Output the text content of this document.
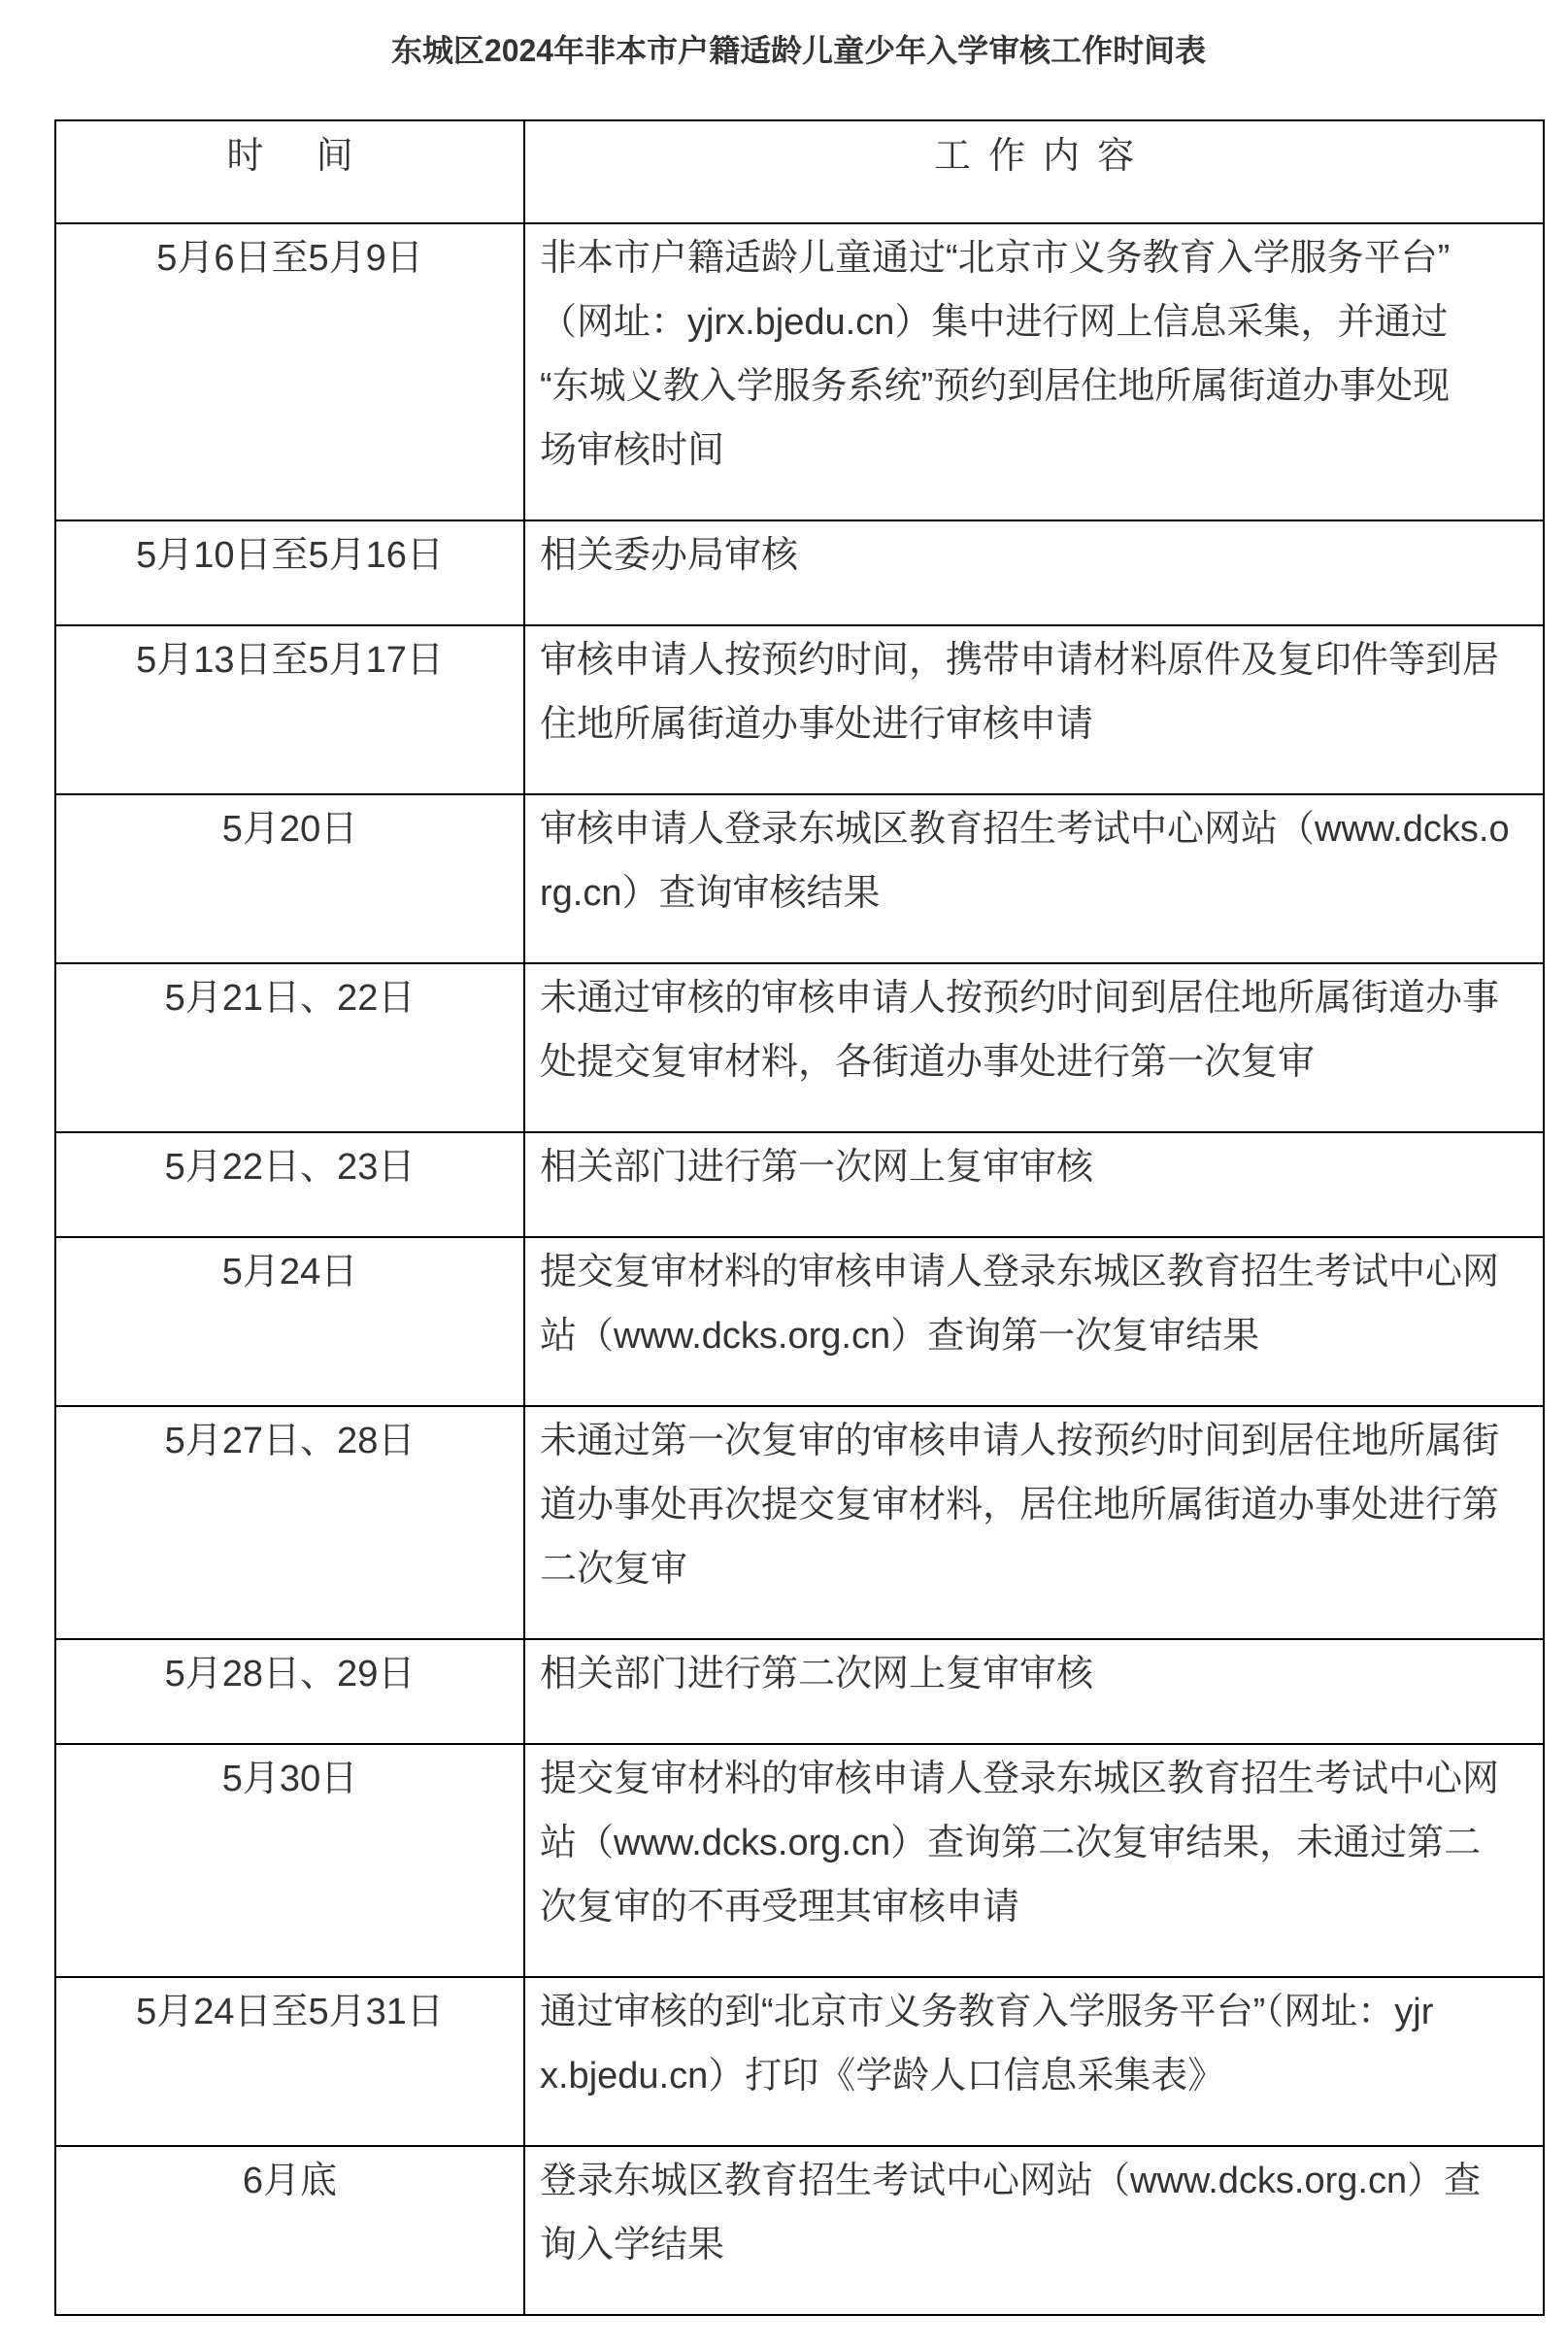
东城区2024年非本市户籍适龄儿童少年入学审核工作时间表
时   间	工 作 内 容
5月6日至5月9日	非本市户籍适龄儿童通过“北京市义务教育入学服务平台”
（网址：yjrx.bjedu.cn）集中进行网上信息采集，并通过
“东城义教入学服务系统”预约到居住地所属街道办事处现
场审核时间

5月10日至5月16日	相关委办局审核

5月13日至5月17日	审核申请人按预约时间，携带申请材料原件及复印件等到居
住地所属街道办事处进行审核申请

5月20日	审核申请人登录东城区教育招生考试中心网站（www.dcks.o
rg.cn）查询审核结果

5月21日、22日	未通过审核的审核申请人按预约时间到居住地所属街道办事
处提交复审材料，各街道办事处进行第一次复审

5月22日、23日	相关部门进行第一次网上复审审核

5月24日	提交复审材料的审核申请人登录东城区教育招生考试中心网
站（www.dcks.org.cn）查询第一次复审结果

5月27日、28日	未通过第一次复审的审核申请人按预约时间到居住地所属街
道办事处再次提交复审材料，居住地所属街道办事处进行第
二次复审

5月28日、29日	相关部门进行第二次网上复审审核

5月30日	提交复审材料的审核申请人登录东城区教育招生考试中心网
站（www.dcks.org.cn）查询第二次复审结果，未通过第二
次复审的不再受理其审核申请

5月24日至5月31日	通过审核的到“北京市义务教育入学服务平台”（网址：yjr
x.bjedu.cn）打印《学龄人口信息采集表》

6月底	登录东城区教育招生考试中心网站（www.dcks.org.cn）查
询入学结果
